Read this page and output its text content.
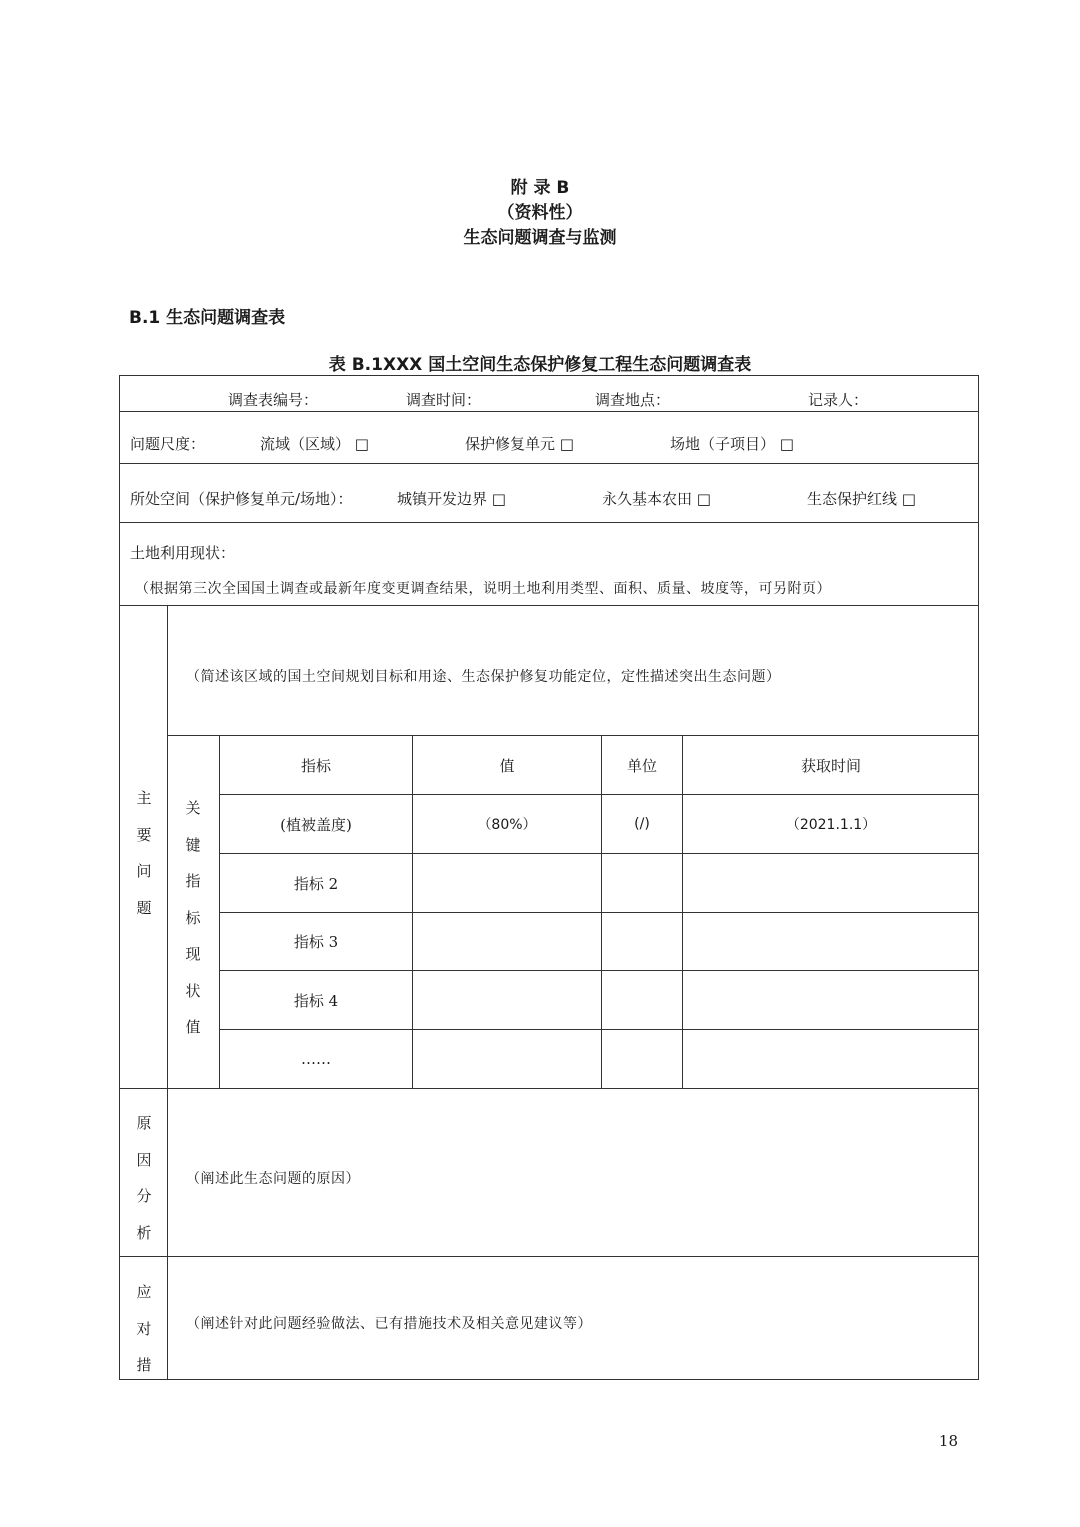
附 录 B
（资料性）
生态问题调查与监测
B.1 生态问题调查表
表 B.1XXX 国土空间生态保护修复工程生态问题调查表
调查表编号：	调查时间：	调查地点：	记录人：
问题尺度：	流域（区域） □	保护修复单元 □	场地（子项目） □
所处空间（保护修复单元/场地）：	城镇开发边界 □	永久基本农田 □	生态保护红线 □
土地利用现状：
（根据第三次全国国土调查或最新年度变更调查结果，说明土地利用类型、面积、质量、坡度等，可另附页）
主要问题
（简述该区域的国土空间规划目标和用途、生态保护修复功能定位，定性描述突出生态问题）
关键指标现状值
指标	值	单位	获取时间
(植被盖度)	（80%）	(/)	（2021.1.1）
指标 2
指标 3
指标 4
……
原因分析
（阐述此生态问题的原因）
应对措
（阐述针对此问题经验做法、已有措施技术及相关意见建议等）
18
